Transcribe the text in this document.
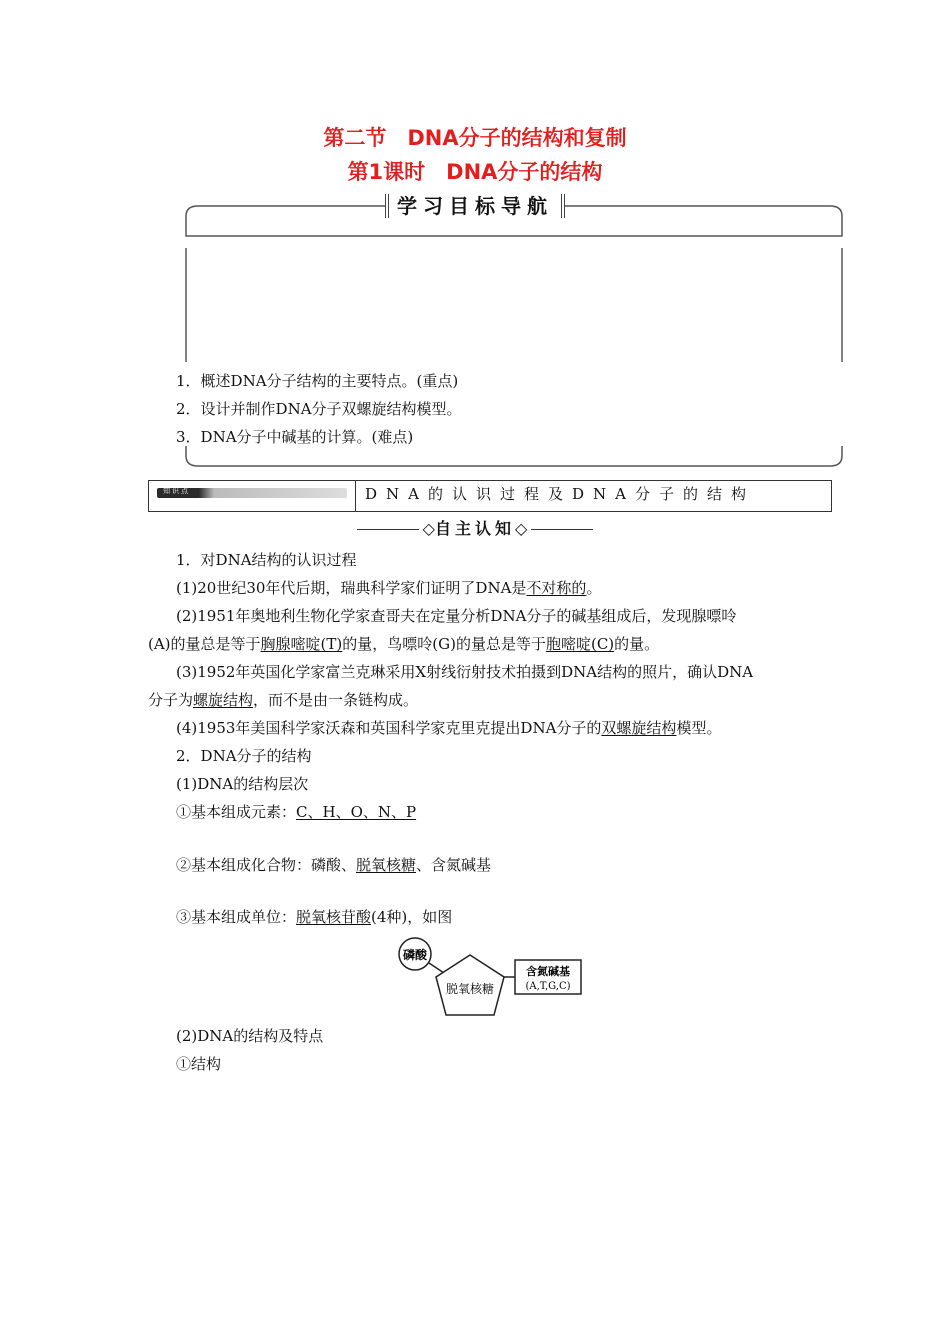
第二节　DNA分子的结构和复制
第1课时　DNA分子的结构
学习目标导航
1．概述DNA分子结构的主要特点。(重点)
2．设计并制作DNA分子双螺旋结构模型。
3．DNA分子中碱基的计算。(难点)
知识点	DNA的认识过程及DNA分子的结构
◇自主认知◇
1．对DNA结构的认识过程
(1)20世纪30年代后期，瑞典科学家们证明了DNA是不对称的。
(2)1951年奥地利生物化学家查哥夫在定量分析DNA分子的碱基组成后，发现腺嘌呤
(A)的量总是等于胸腺嘧啶(T)的量，鸟嘌呤(G)的量总是等于胞嘧啶(C)的量。
(3)1952年英国化学家富兰克琳采用X射线衍射技术拍摄到DNA结构的照片，确认DNA
分子为螺旋结构，而不是由一条链构成。
(4)1953年美国科学家沃森和英国科学家克里克提出DNA分子的双螺旋结构模型。
2．DNA分子的结构
(1)DNA的结构层次
①基本组成元素：C、H、O、N、P
②基本组成化合物：磷酸、脱氧核糖、含氮碱基
③基本组成单位：脱氧核苷酸(4种)，如图
磷酸
脱氧核糖
含氮碱基
(A,T,G,C)
(2)DNA的结构及特点
①结构
